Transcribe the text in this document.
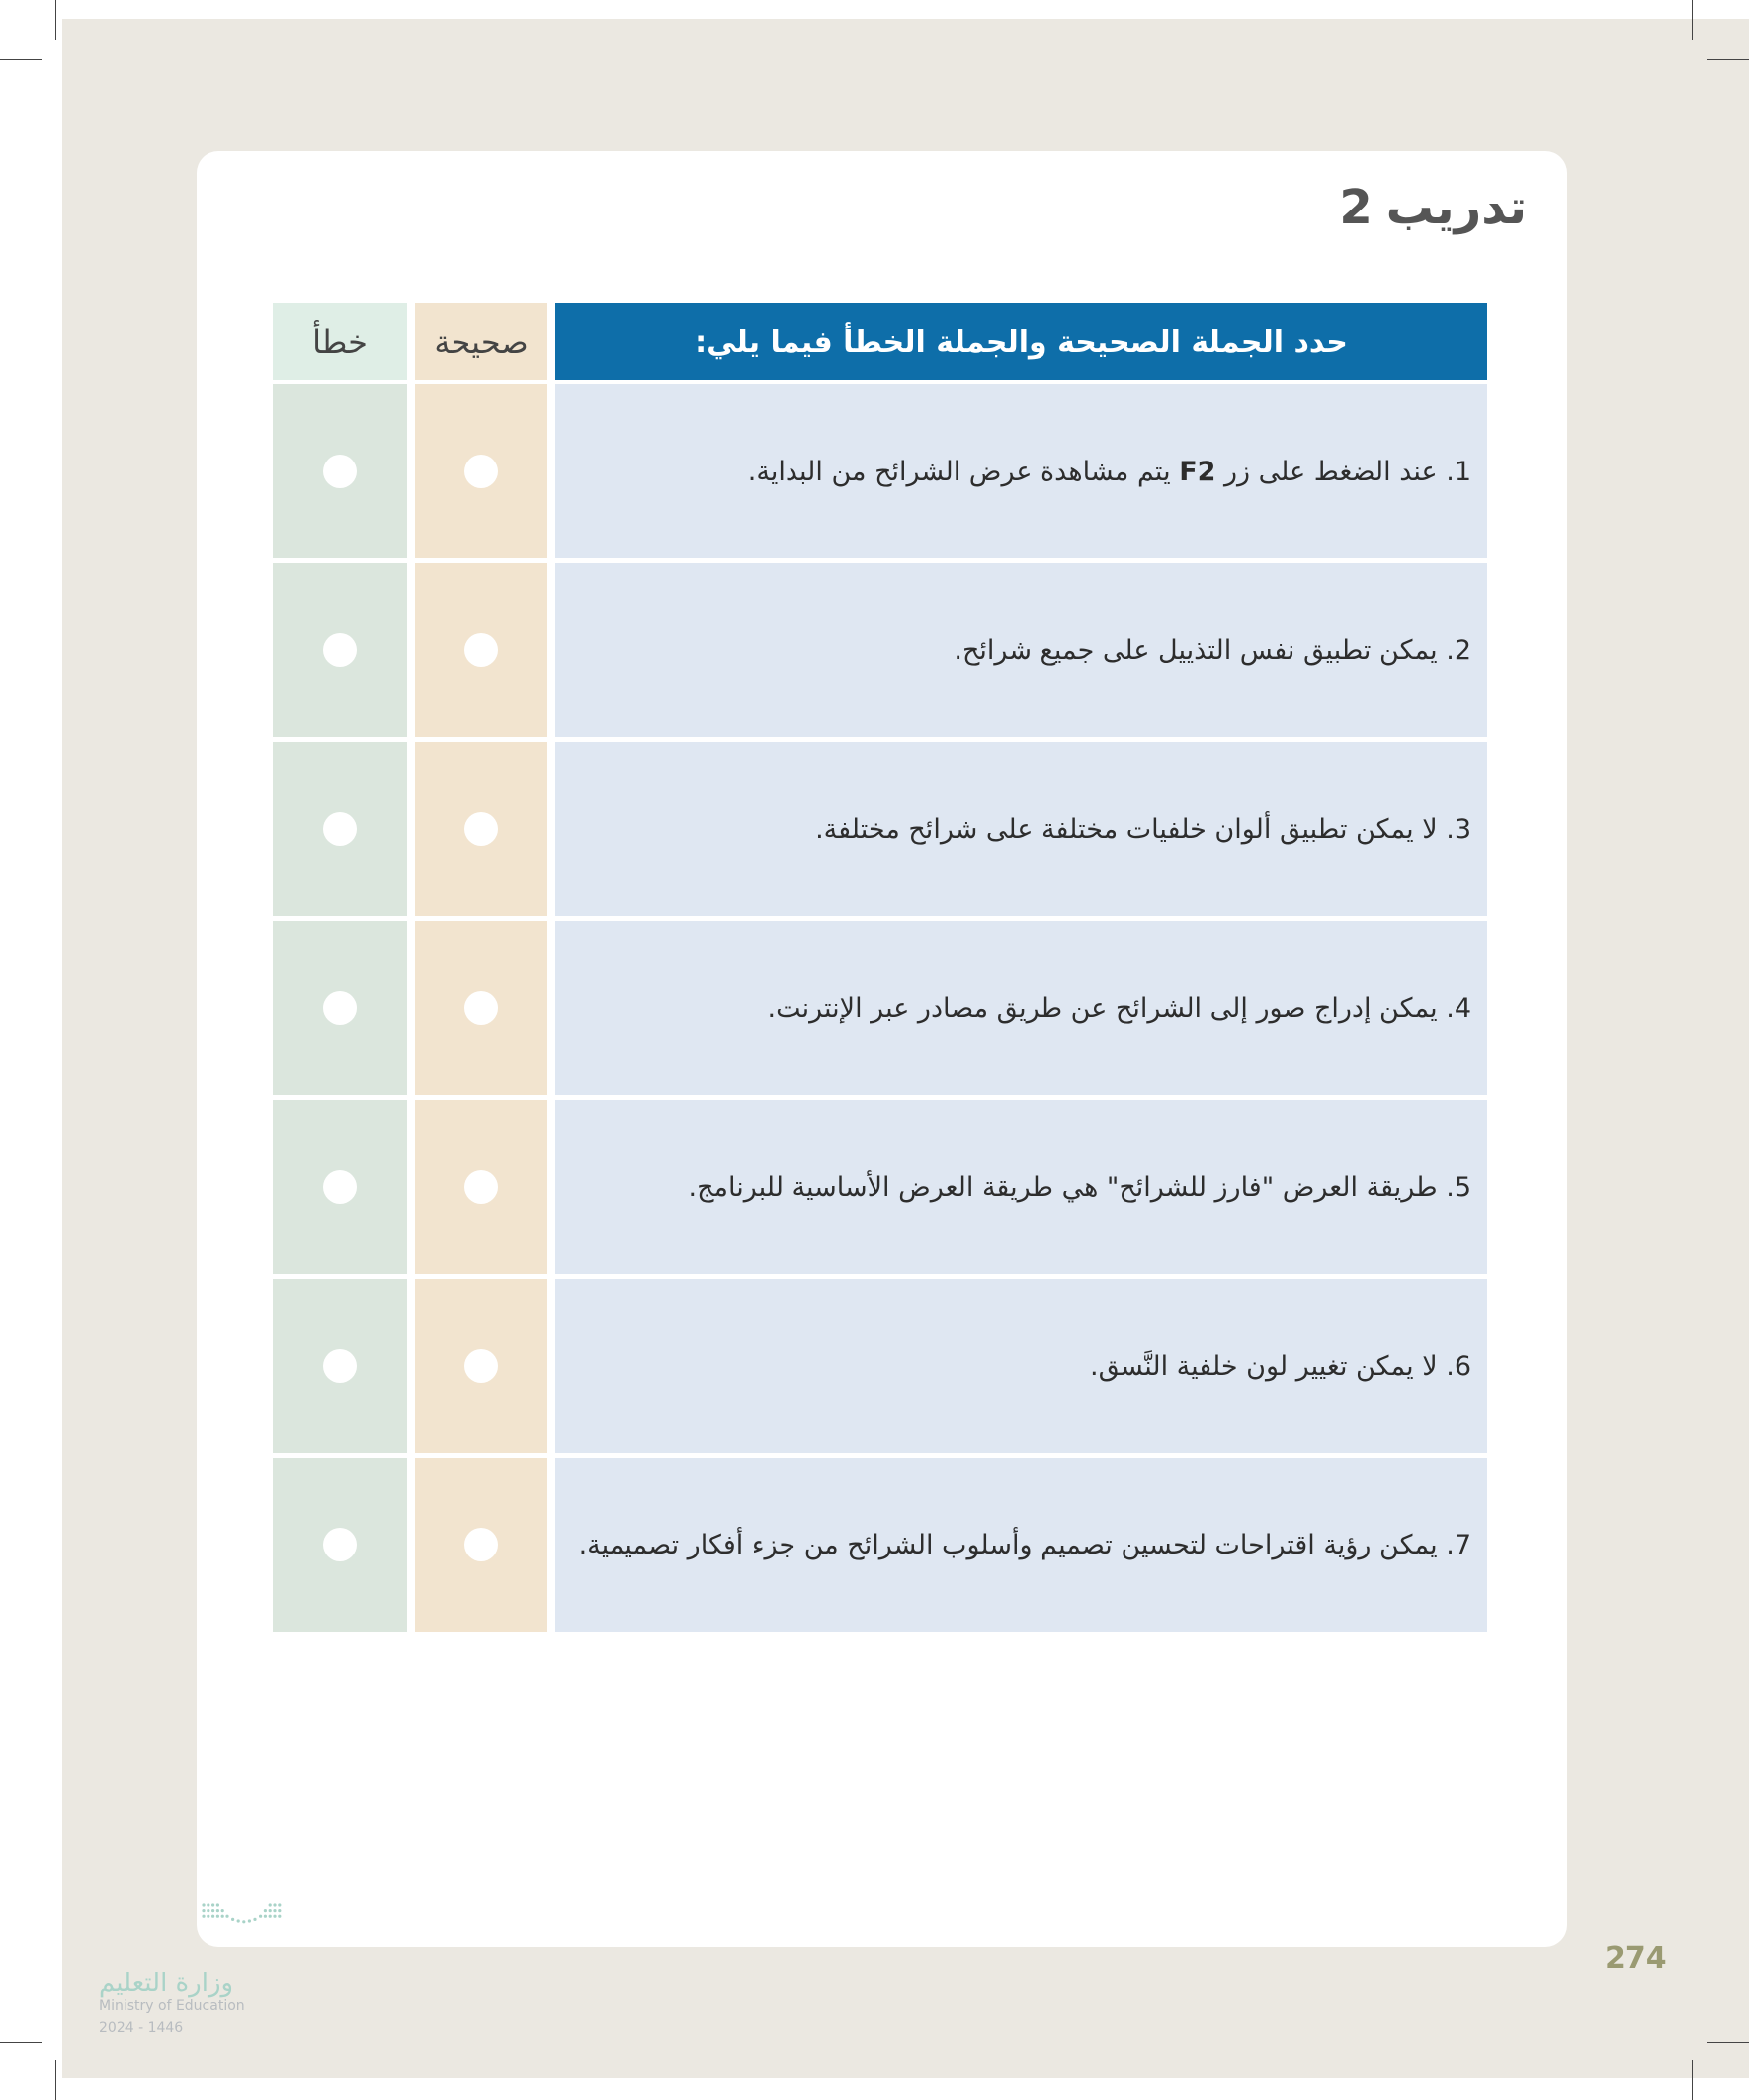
تدريب
2
حدد الجملة الصحيحة والجملة الخطأ فيما يلي:
صحيحة
خطأ
1. عند الضغط على زر F2 يتم مشاهدة عرض الشرائح من البداية.
2. يمكن تطبيق نفس التذييل على جميع شرائح.
3. لا يمكن تطبيق ألوان خلفيات مختلفة على شرائح مختلفة.
4. يمكن إدراج صور إلى الشرائح عن طريق مصادر عبر الإنترنت.
5. طريقة العرض "فارز للشرائح" هي طريقة العرض الأساسية للبرنامج.
6. لا يمكن تغيير لون خلفية النَّسق.
7. يمكن رؤية اقتراحات لتحسين تصميم وأسلوب الشرائح من جزء أفكار تصميمية.
وزارة التعليم
Ministry of Education
2024 - 1446
274
